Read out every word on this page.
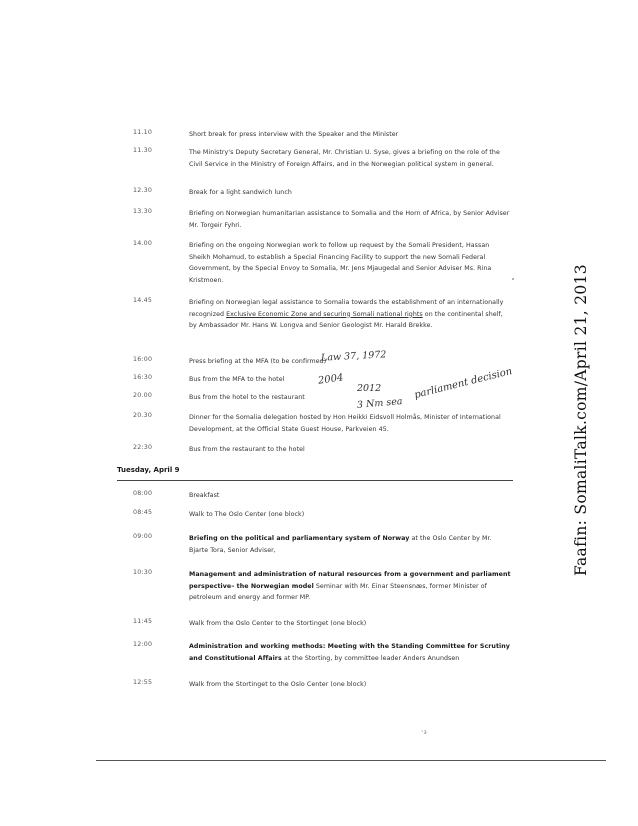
11.10	Short break for press interview with the Speaker and the Minister
11.30	The Ministry's Deputy Secretary General, Mr. Christian U. Syse, gives a briefing on the role of the Civil Service in the Ministry of Foreign Affairs, and in the Norwegian political system in general.
12.30	Break for a light sandwich lunch
13.30	Briefing on Norwegian humanitarian assistance to Somalia and the Horn of Africa, by Senior Adviser Mr. Torgeir Fyhri.
14.00	Briefing on the ongoing Norwegian work to follow up request by the Somali President, Hassan Sheikh Mohamud, to establish a Special Financing Facility to support the new Somali Federal Government, by the Special Envoy to Somalia, Mr. Jens Mjaugedal and Senior Adviser Ms. Rina Kristmoen.
14.45	Briefing on Norwegian legal assistance to Somalia towards the establishment of an internationally recognized Exclusive Economic Zone and securing Somali national rights on the continental shelf, by Ambassador Mr. Hans W. Longva and Senior Geologist Mr. Harald Brekke.
16:00	Press briefing at the MFA (to be confirmed)
16:30	Bus from the MFA to the hotel
20.00	Bus from the hotel to the restaurant
20.30	Dinner for the Somalia delegation hosted by Hon Heikki Eidsvoll Holmås, Minister of International Development, at the Official State Guest House, Parkveien 45.
22:30	Bus from the restaurant to the hotel
Tuesday, April 9
08:00	Breakfast
08:45	Walk to The Oslo Center (one block)
09:00	Briefing on the political and parliamentary system of Norway at the Oslo Center by Mr. Bjarte Tora, Senior Adviser,
10:30	Management and administration of natural resources from a government and parliament perspective– the Norwegian model Seminar with Mr. Einar Steensnæs, former Minister of petroleum and energy and former MP.
11:45	Walk from the Oslo Center to the Stortinget (one block)
12:00	Administration and working methods: Meeting with the Standing Committee for Scrutiny and Constitutional Affairs at the Storting, by committee leader Anders Anundsen
12:55	Walk from the Stortinget to the Oslo Center (one block)
Law 37, 1972
3 Nm sea
2004
2012	parliament decision
·₃
Faafin: SomaliTalk.com/April 21, 2013
